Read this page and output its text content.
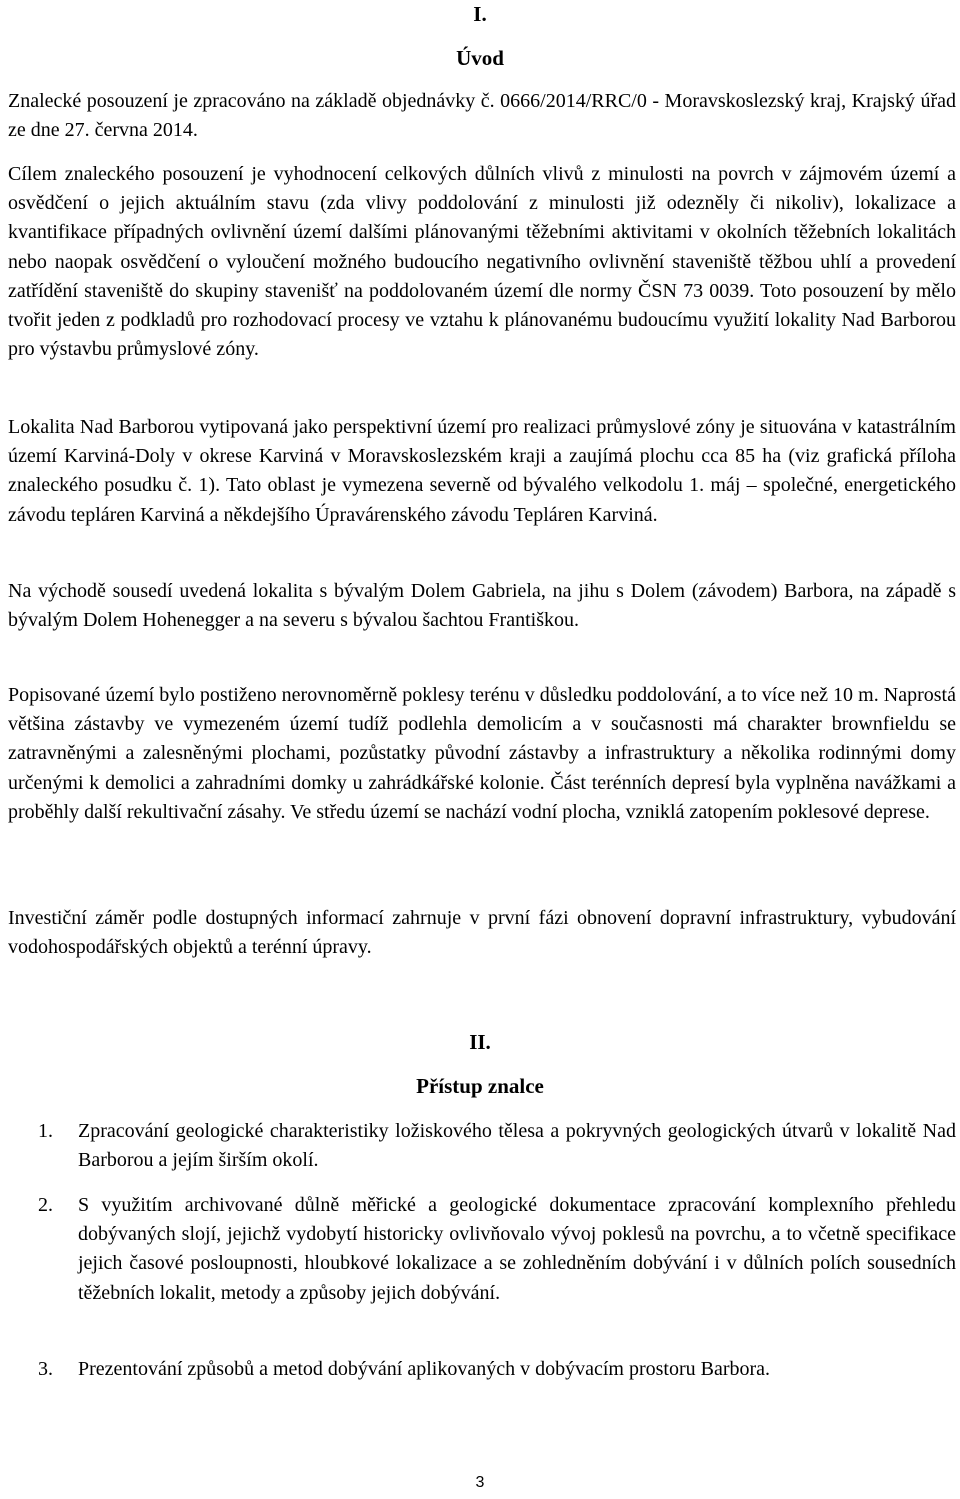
I.
Úvod

Znalecké posouzení je zpracováno na základě objednávky č. 0666/2014/RRC/0 - Moravskoslezský kraj, Krajský úřad ze dne 27. června 2014.

Cílem znaleckého posouzení je vyhodnocení celkových důlních vlivů z minulosti na povrch v zájmovém území a osvědčení o jejich aktuálním stavu (zda vlivy poddolování z minulosti již odezněly či nikoliv), lokalizace a kvantifikace případných ovlivnění území dalšími plánovanými těžebními aktivitami v okolních těžebních lokalitách nebo naopak osvědčení o vyloučení možného budoucího negativního ovlivnění staveniště těžbou uhlí a provedení zatřídění staveniště do skupiny stavenišť na poddolovaném území dle normy ČSN 73 0039. Toto posouzení by mělo tvořit jeden z podkladů pro rozhodovací procesy ve vztahu k plánovanému budoucímu využití lokality Nad Barborou pro výstavbu průmyslové zóny.

Lokalita Nad Barborou vytipovaná jako perspektivní území pro realizaci průmyslové zóny je situována v katastrálním území Karviná-Doly v okrese Karviná v Moravskoslezském kraji a zaujímá plochu cca 85 ha (viz grafická příloha znaleckého posudku č. 1). Tato oblast je vymezena severně od bývalého velkodolu 1. máj – společné, energetického závodu tepláren Karviná a někdejšího Úpravárenského závodu Tepláren Karviná.

Na východě sousedí uvedená lokalita s bývalým Dolem Gabriela, na jihu s Dolem (závodem) Barbora, na západě s bývalým Dolem Hohenegger a na severu s bývalou šachtou Františkou.

Popisované území bylo postiženo nerovnoměrně poklesy terénu v důsledku poddolování, a to více než 10 m. Naprostá většina zástavby ve vymezeném území tudíž podlehla demolicím a v současnosti má charakter brownfieldu se zatravněnými a zalesněnými plochami, pozůstatky původní zástavby a infrastruktury a několika rodinnými domy určenými k demolici a zahradními domky u zahrádkářské kolonie. Část terénních depresí byla vyplněna navážkami a proběhly další rekultivační zásahy. Ve středu území se nachází vodní plocha, vzniklá zatopením poklesové deprese.

Investiční záměr podle dostupných informací zahrnuje v první fázi obnovení dopravní infrastruktury, vybudování vodohospodářských objektů a terénní úpravy.

II.
Přístup znalce
1.	Zpracování geologické charakteristiky ložiskového tělesa a pokryvných geologických útvarů v lokalitě Nad Barborou a jejím širším okolí.

2.	S využitím archivované důlně měřické a geologické dokumentace zpracování komplexního přehledu dobývaných slojí, jejichž vydobytí historicky ovlivňovalo vývoj poklesů na povrchu, a to včetně specifikace jejich časové posloupnosti, hloubkové lokalizace a se zohledněním dobývání i v důlních polích sousedních těžebních lokalit, metody a způsoby jejich dobývání.

3.	Prezentování způsobů a metod dobývání aplikovaných v dobývacím prostoru Barbora.

3
